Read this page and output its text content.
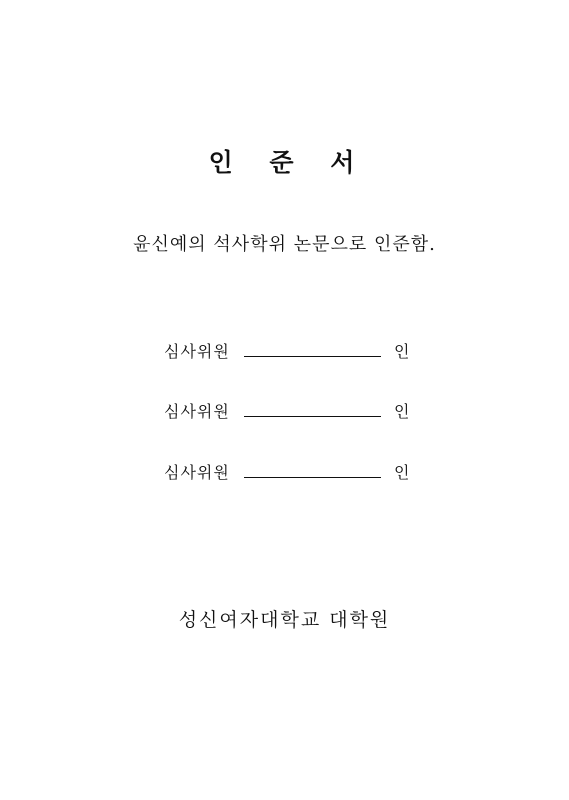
인 준 서
윤신예의 석사학위 논문으로 인준함.
심사위원	인
심사위원	인
심사위원	인
성신여자대학교 대학원
